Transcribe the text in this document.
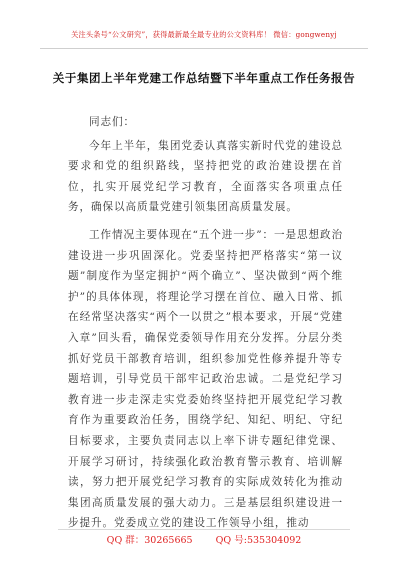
关注头条号“公文研究”，获得最新最全最专业的公文资料库！ 微信：gongwenyj
关于集团上半年党建工作总结暨下半年重点工作任务报告

同志们：

今年上半年，集团党委认真落实新时代党的建设总要求和党的组织路线，坚持把党的政治建设摆在首位，扎实开展党纪学习教育，全面落实各项重点任务，确保以高质量党建引领集团高质量发展。

工作情况主要体现在“五个进一步”：一是思想政治建设进一步巩固深化。党委坚持把严格落实“第一议题”制度作为坚定拥护“两个确立”、坚决做到“两个维护”的具体体现，将理论学习摆在首位、融入日常、抓在经常坚决落实“两个一以贯之”根本要求，开展“党建入章”回头看，确保党委领导作用充分发挥。分层分类抓好党员干部教育培训，组织参加党性修养提升等专题培训，引导党员干部牢记政治忠诚。二是党纪学习教育进一步走深走实党委始终坚持把开展党纪学习教育作为重要政治任务，围绕学纪、知纪、明纪、守纪目标要求，主要负责同志以上率下讲专题纪律党课、开展学习研讨，持续强化政治教育警示教育、培训解读，努力把开展党纪学习教育的实际成效转化为推动集团高质量发展的强大动力。三是基层组织建设进一步提升。党委成立党的建设工作领导小组，推动

QQ 群：30265665 QQ 号:535304092
